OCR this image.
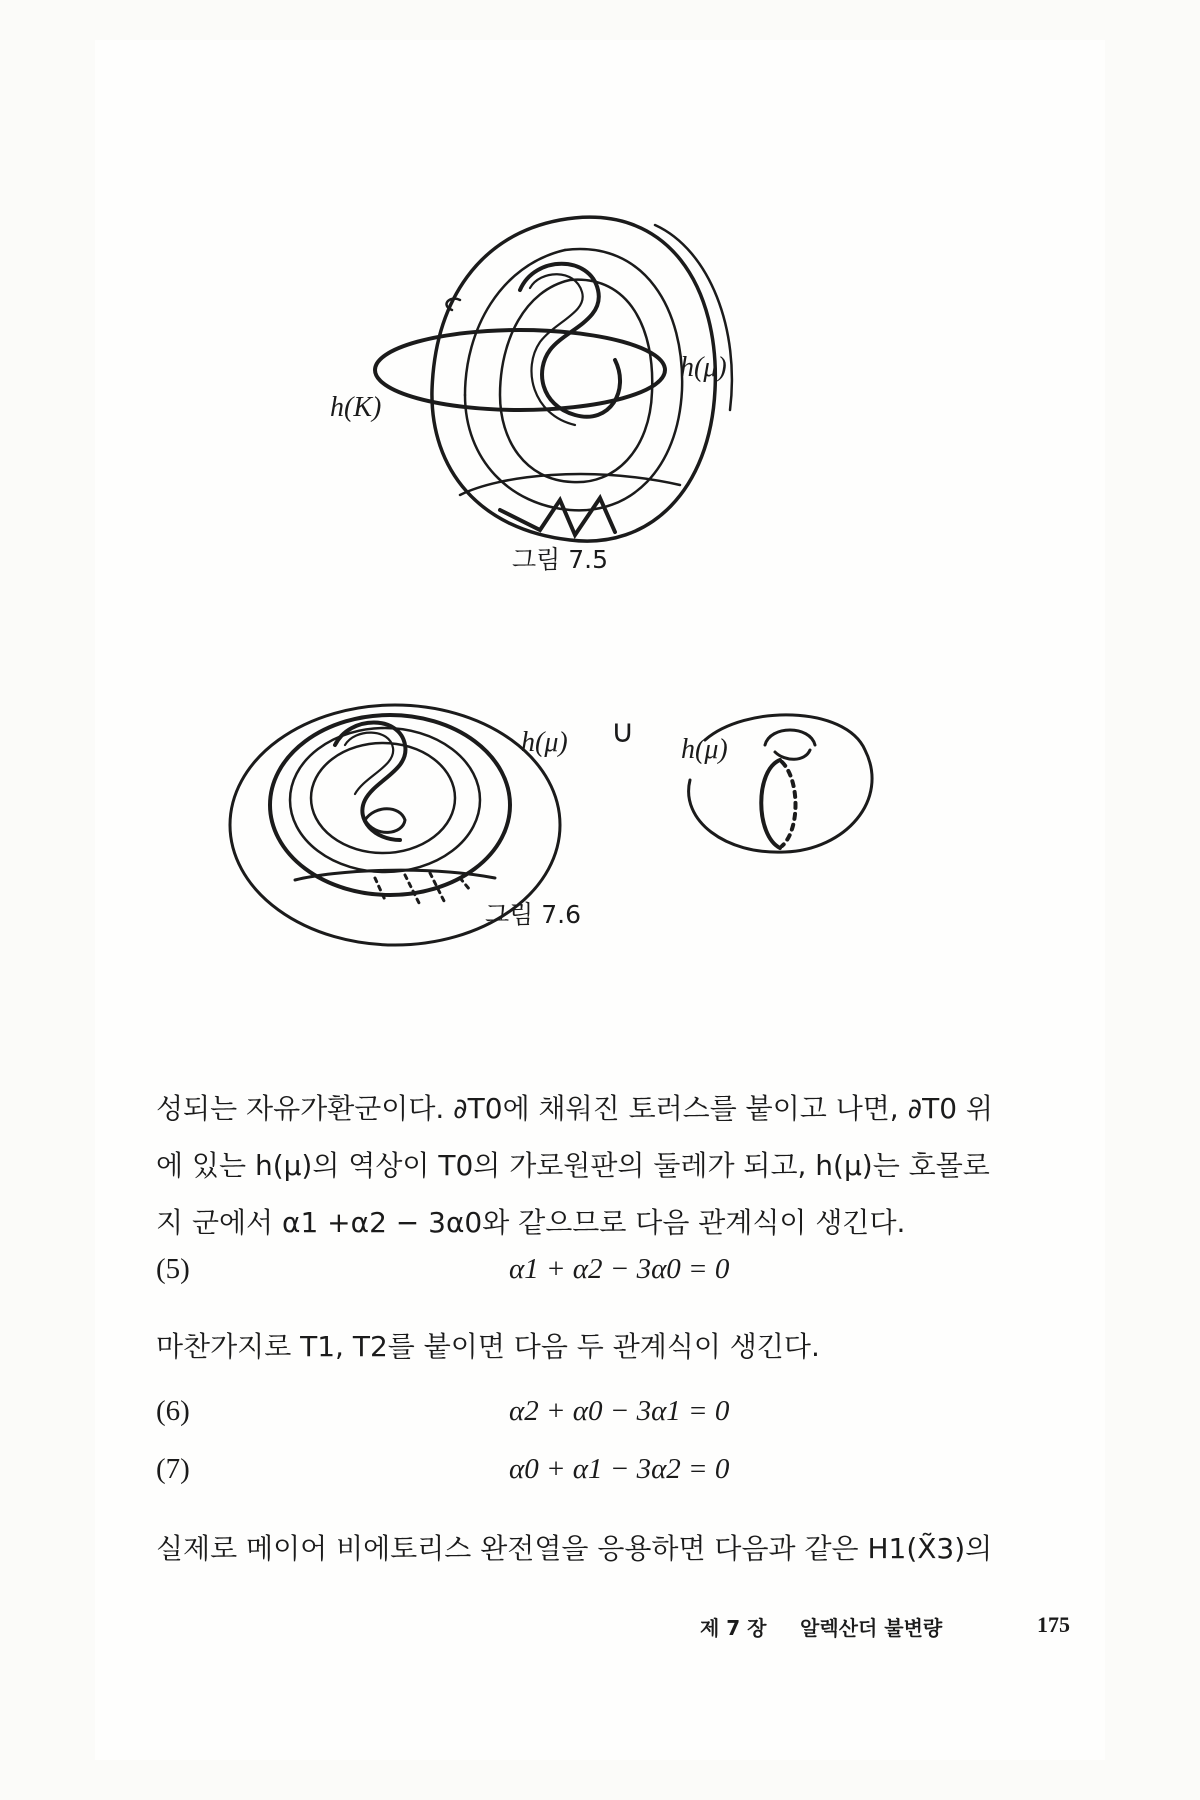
h(K)
h(μ)
그림 7.5
h(μ) ∪ h(μ)
그림 7.6
성되는 자유가환군이다. ∂T0에 채워진 토러스를 붙이고 나면, ∂T0 위
에 있는 h(μ)의 역상이 T0의 가로원판의 둘레가 되고, h(μ)는 호몰로
지 군에서 α1 +α2 − 3α0와 같으므로 다음 관계식이 생긴다.
(5)	α1 + α2 − 3α0 = 0
마찬가지로 T1, T2를 붙이면 다음 두 관계식이 생긴다.
(6)	α2 + α0 − 3α1 = 0
(7)	α0 + α1 − 3α2 = 0
실제로 메이어 비에토리스 완전열을 응용하면 다음과 같은 H1(X̃3)의
제 7 장 알렉산더 불변량	175
